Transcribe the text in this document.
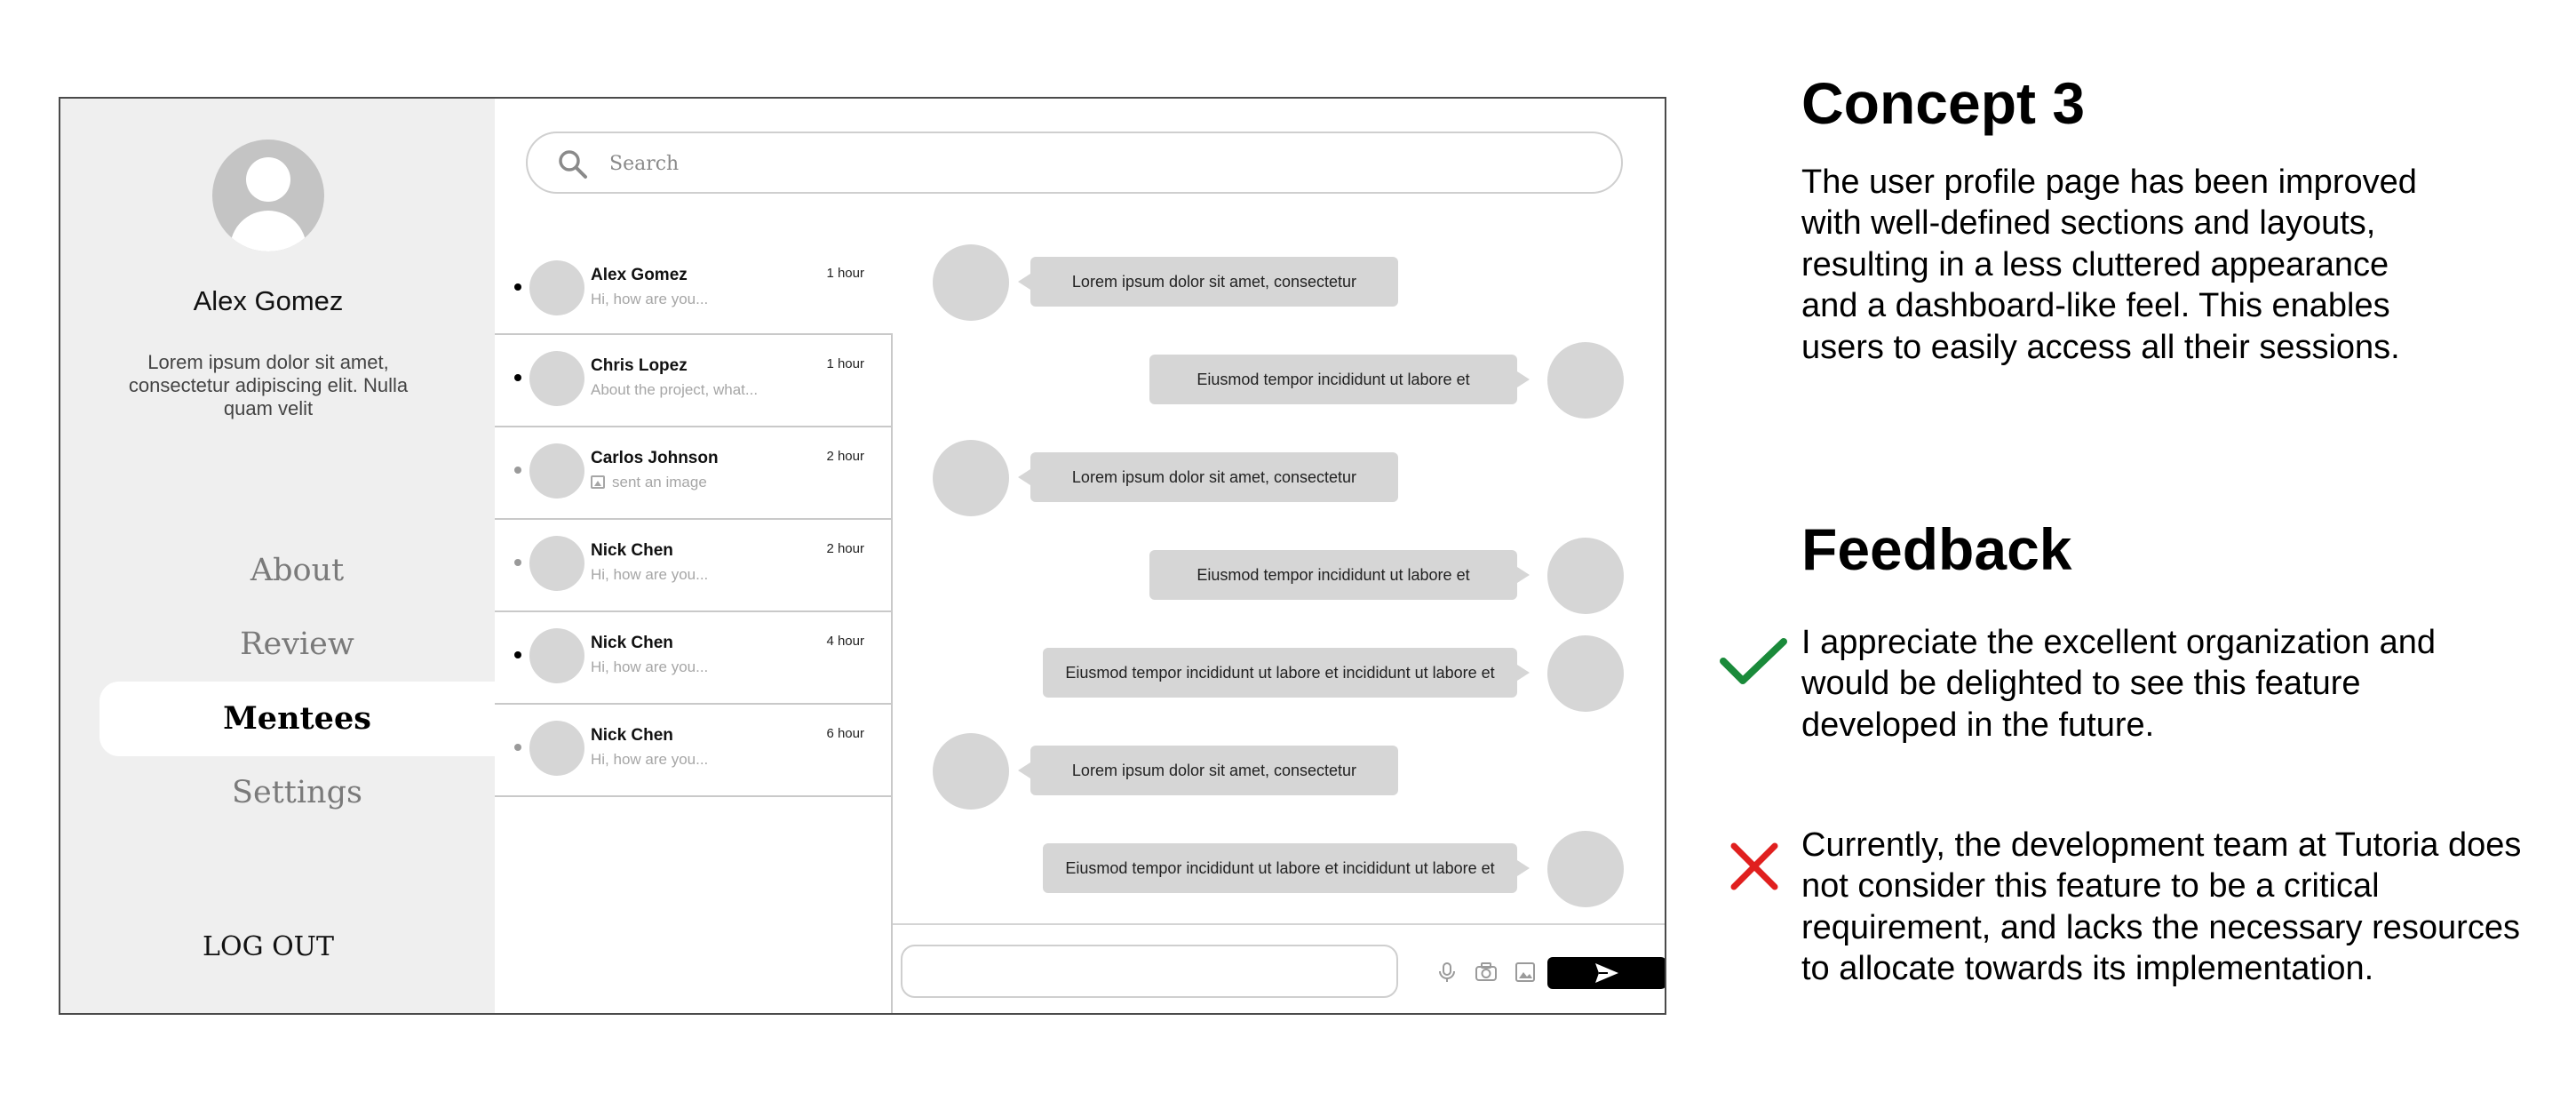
Alex Gomez
Lorem ipsum dolor sit amet, consectetur adipiscing elit. Nulla quam velit
About
Review
Mentees
Settings
LOG OUT
Search
Alex Gomez
Hi, how are you...
1 hour
Chris Lopez
About the project, what...
1 hour
Carlos Johnson
sent an image
2 hour
Nick Chen
Hi, how are you...
2 hour
Nick Chen
Hi, how are you...
4 hour
Nick Chen
Hi, how are you...
6 hour
Lorem ipsum dolor sit amet, consectetur
Eiusmod tempor incididunt ut labore et
Lorem ipsum dolor sit amet, consectetur
Eiusmod tempor incididunt ut labore et
Eiusmod tempor incididunt ut labore et incididunt ut labore et
Lorem ipsum dolor sit amet, consectetur
Eiusmod tempor incididunt ut labore et incididunt ut labore et
Concept 3

The user profile page has been improved with well-defined sections and layouts, resulting in a less cluttered appearance and a dashboard-like feel. This enables users to easily access all their sessions.

Feedback

I appreciate the excellent organization and would be delighted to see this feature developed in the future.

Currently, the development team at Tutoria does not consider this feature to be a critical requirement, and lacks the necessary resources to allocate towards its implementation.
